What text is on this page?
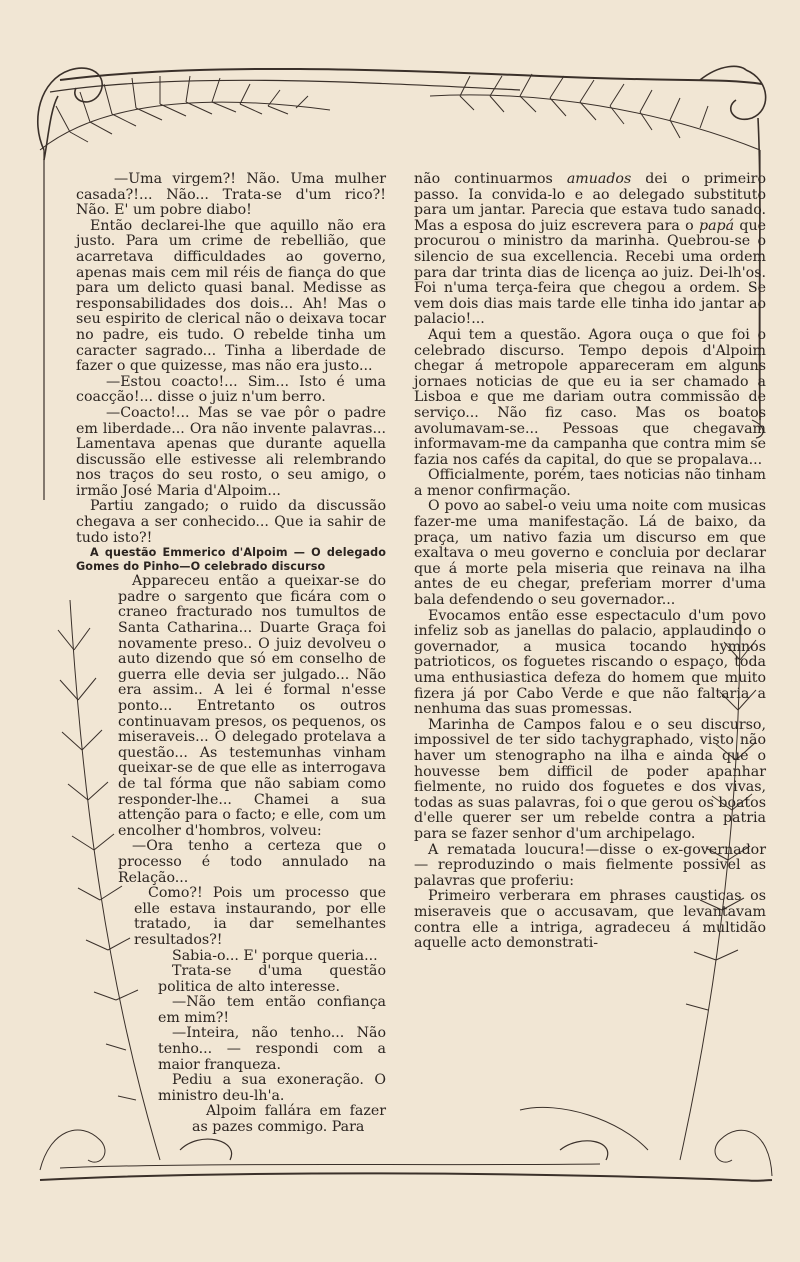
—Uma virgem?! Não. Uma mulher casada?!... Não... Trata-se d'um rico?! Não. E' um pobre diabo!

Então declarei-lhe que aquillo não era justo. Para um crime de rebellião, que acarretava difficuldades ao governo, apenas mais cem mil réis de fiança do que para um delicto quasi banal. Medisse as responsabilidades dos dois... Ah! Mas o seu espirito de clerical não o deixava tocar no padre, eis tudo. O rebelde tinha um caracter sagrado... Tinha a liberdade de fazer o que quizesse, mas não era justo...

—Estou coacto!... Sim... Isto é uma coacção!... disse o juiz n'um berro.

—Coacto!... Mas se vae pôr o padre em liberdade... Ora não invente palavras... Lamentava apenas que durante aquella discussão elle estivesse ali relembrando nos traços do seu rosto, o seu amigo, o irmão José Maria d'Alpoim...

Partiu zangado; o ruido da discussão chegava a ser conhecido... Que ia sahir de tudo isto?!

A questão Emmerico d'Alpoim — O delegado Gomes do Pinho—O celebrado discurso

Appareceu então a queixar-se do padre o sargento que ficára com o craneo fracturado nos tumultos de Santa Catharina... Duarte Graça foi novamente preso.. O juiz devolveu o auto dizendo que só em conselho de guerra elle devia ser julgado... Não era assim.. A lei é formal n'esse ponto... Entretanto os outros continuavam presos, os pequenos, os miseraveis... O delegado protelava a questão... As testemunhas vinham queixar-se de que elle as interrogava de tal fórma que não sabiam como responder-lhe... Chamei a sua attenção para o facto; e elle, com um encolher d'hombros, volveu:

—Ora tenho a certeza que o processo é todo annulado na Relação...

Como?! Pois um processo que elle estava instaurando, por elle tratado, ia dar semelhantes resultados?!

Sabia-o... E' porque queria...

Trata-se d'uma questão politica de alto interesse.

—Não tem então confiança em mim?!

—Inteira, não tenho... Não tenho... — respondi com a maior franqueza.

Pediu a sua exoneração. O ministro deu-lh'a.

Alpoim fallára em fazer as pazes commigo. Para

não continuarmos amuados dei o primeiro passo. Ia convida-lo e ao delegado substituto para um jantar. Parecia que estava tudo sanado. Mas a esposa do juiz escrevera para o papá que procurou o ministro da marinha. Quebrou-se o silencio de sua excellencia. Recebi uma ordem para dar trinta dias de licença ao juiz. Dei-lh'os. Foi n'uma terça-feira que chegou a ordem. Se vem dois dias mais tarde elle tinha ido jantar ao palacio!...

Aqui tem a questão. Agora ouça o que foi o celebrado discurso. Tempo depois d'Alpoim chegar á metropole appareceram em alguns jornaes noticias de que eu ia ser chamado a Lisboa e que me dariam outra commissão de serviço... Não fiz caso. Mas os boatos avolumavam-se... Pessoas que chegavam informavam-me da campanha que contra mim se fazia nos cafés da capital, do que se propalava...

Officialmente, porém, taes noticias não tinham a menor confirmação.

O povo ao sabel-o veiu uma noite com musicas fazer-me uma manifestação. Lá de baixo, da praça, um nativo fazia um discurso em que exaltava o meu governo e concluia por declarar que á morte pela miseria que reinava na ilha antes de eu chegar, preferiam morrer d'uma bala defendendo o seu governador...

Evocamos então esse espectaculo d'um povo infeliz sob as janellas do palacio, applaudindo o governador, a musica tocando hymnos patrioticos, os foguetes riscando o espaço, toda uma enthusiastica defeza do homem que muito fizera já por Cabo Verde e que não faltaria a nenhuma das suas promessas.

Marinha de Campos falou e o seu discurso, impossivel de ter sido tachygraphado, visto não haver um stenographo na ilha e ainda que o houvesse bem difficil de poder apanhar fielmente, no ruido dos foguetes e dos vivas, todas as suas palavras, foi o que gerou os boatos d'elle querer ser um rebelde contra a patria para se fazer senhor d'um archipelago.

A rematada loucura!—disse o ex-governador — reproduzindo o mais fielmente possivel as palavras que proferiu:

Primeiro verberara em phrases causticas os miseraveis que o accusavam, que levantavam contra elle a intriga, agradeceu á multidão aquelle acto demonstrati-
